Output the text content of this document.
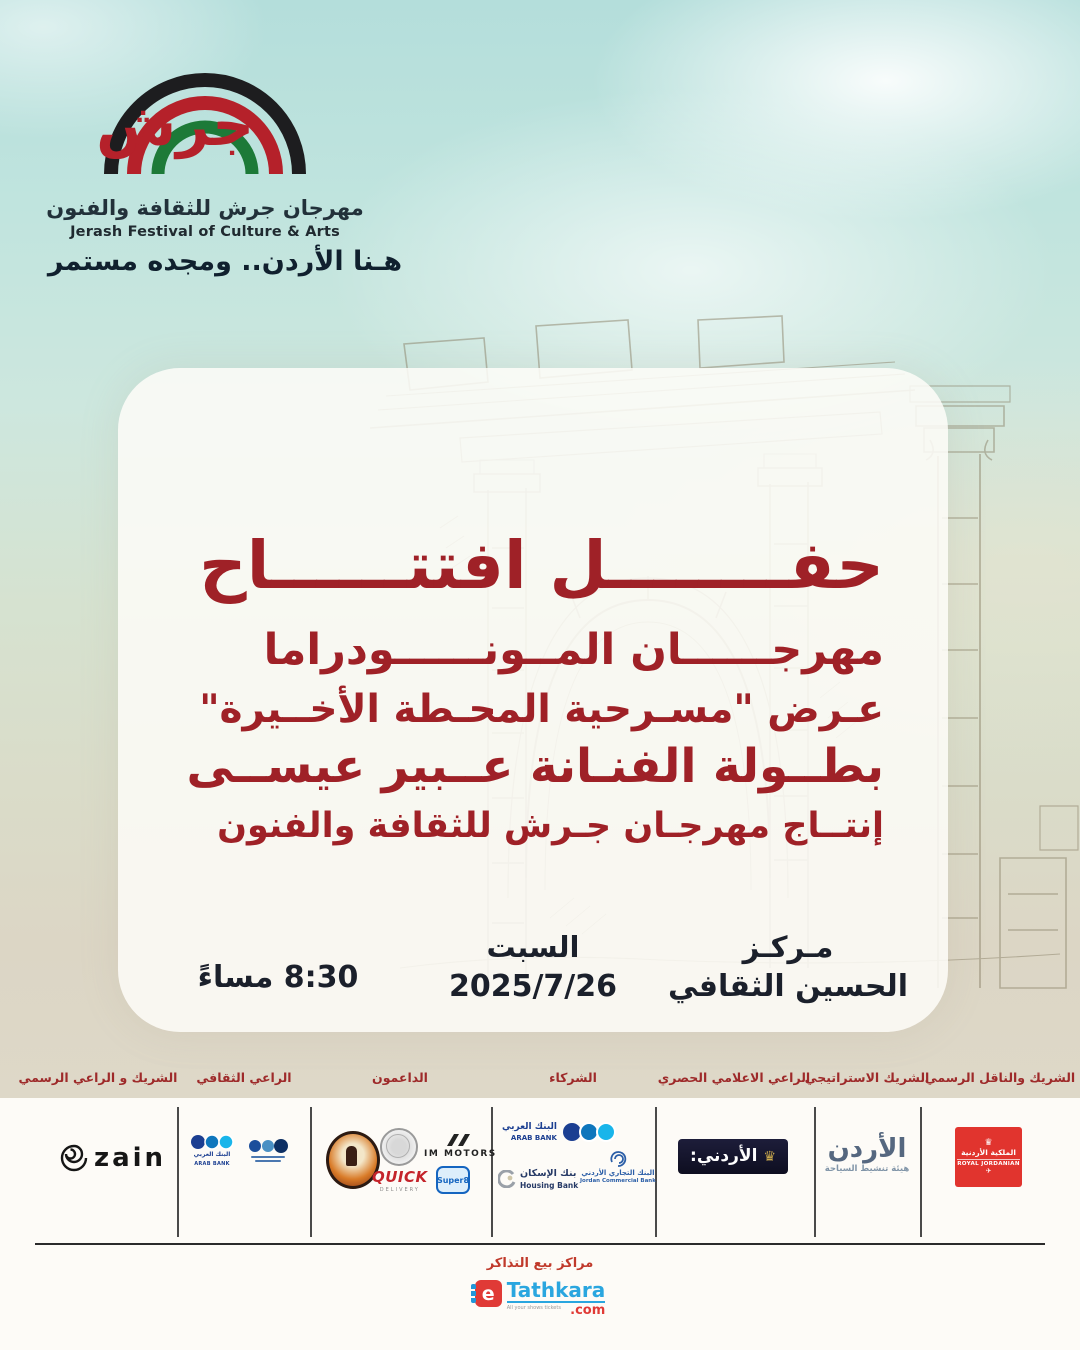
جرش
مهرجان جرش للثقافة والفنون
Jerash Festival of Culture & Arts
هـنا الأردن.. ومجده مستمر
حفــــــــل افتتــــــاح
مهرجــــــان المــونــــــودراما
عـرض "مسـرحية المحـطة الأخــيرة"
بطــولة الفنـانة عــبير عيســى
إنتــاج مهرجـان جـرش للثقافة والفنون
مـركـز
الحسين الثقافي
السبت
2025/7/26
8:30 مساءً
الشريك و الراعي الرسمي	الراعي الثقافي	الداعمون	الشركاء	الراعي الاعلامي الحصري
الشريك الاستراتيجي
الشريك والناقل الرسمي
zain	البنك العربي
ARAB BANK
IM MOTORS
QUICK
DELIVERY
Super8
البنك العربي
ARAB BANK
بنك الإسكان
Housing Bank
البنك التجاري الأردني
Jordan Commercial Bank
♛
الأردني:	الأردن
هيئة تنشيط السياحة
♛
الملكية الأردنية
ROYAL JORDANIAN
✈
مراكز بيع التذاكر
e Tathkara
All your shows tickets .com
